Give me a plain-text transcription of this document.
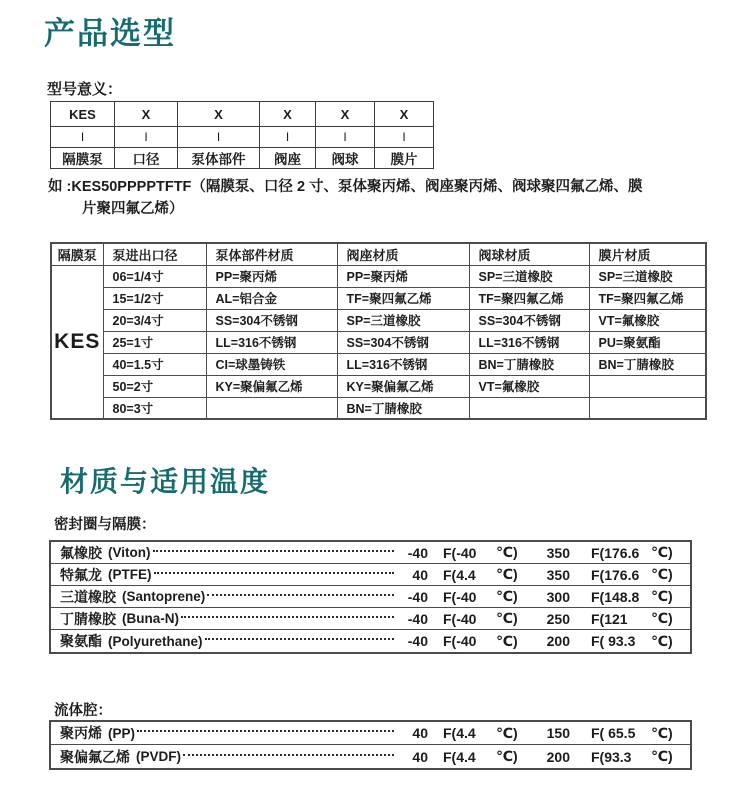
产品选型
型号意义：
KES	X	X	X	X	X
I	I	I	I	I	I
隔膜泵	口径	泵体部件	阀座	阀球	膜片
如 :KES50PPPPTFTF（隔膜泵、口径 2 寸、泵体聚丙烯、阀座聚丙烯、阀球聚四氟乙烯、膜
片聚四氟乙烯）
隔膜泵	泵进出口径	泵体部件材质	阀座材质	阀球材质	膜片材质
KES	06=1/4寸	PP=聚丙烯	PP=聚丙烯	SP=三道橡胶	SP=三道橡胶
	15=1/2寸	AL=铝合金	TF=聚四氟乙烯	TF=聚四氟乙烯	TF=聚四氟乙烯
	20=3/4寸	SS=304不锈钢	SP=三道橡胶	SS=304不锈钢	VT=氟橡胶
	25=1寸	LL=316不锈钢	SS=304不锈钢	LL=316不锈钢	PU=聚氨酯
	40=1.5寸	CI=球墨铸铁	LL=316不锈钢	BN=丁腈橡胶	BN=丁腈橡胶
	50=2寸	KY=聚偏氟乙烯	KY=聚偏氟乙烯	VT=氟橡胶	
	80=3寸		BN=丁腈橡胶		
材质与适用温度
密封圈与隔膜：
氟橡胶 (Viton)	-40 F(-40	℃)	350 F(176.6 ℃)
特氟龙 (PTFE)	40 F(4.4	℃)	350 F(176.6 ℃)
三道橡胶 (Santoprene)	-40 F(-40	℃)	300 F(148.8 ℃)
丁腈橡胶 (Buna-N)	-40 F(-40	℃)	250 F(121	℃)
聚氨酯 (Polyurethane)	-40 F(-40	℃)	200 F( 93.3	℃)
流体腔：
聚丙烯 (PP)	40 F(4.4	℃)	150 F( 65.5	℃)
聚偏氟乙烯 (PVDF)	40 F(4.4	℃)	200 F(93.3	℃)
